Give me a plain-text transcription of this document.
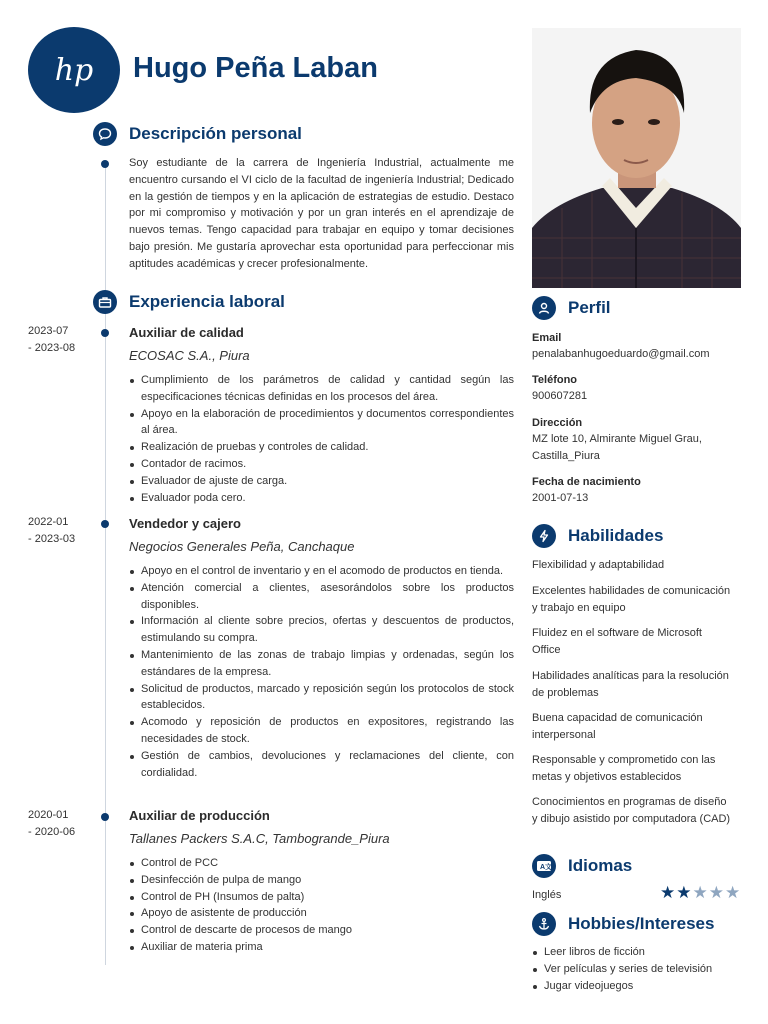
hp Hugo Peña Laban
Descripción personal
Soy estudiante de la carrera de Ingeniería Industrial, actualmente me encuentro cursando el VI ciclo de la facultad de ingeniería Industrial; Dedicado en la gestión de tiempos y en la aplicación de estrategias de estudio. Destaco por mi compromiso y motivación y por un gran interés en el aprendizaje de nuevos temas. Tengo capacidad para trabajar en equipo y tomar decisiones bajo presión. Me gustaría aprovechar esta oportunidad para perfeccionar mis aptitudes académicas y crecer profesionalmente.
Experiencia laboral
2023-07
- 2023-08
Auxiliar de calidad
ECOSAC S.A., Piura
Cumplimiento de los parámetros de calidad y cantidad según las especificaciones técnicas definidas en los procesos del área.
Apoyo en la elaboración de procedimientos y documentos correspondientes al área.
Realización de pruebas y controles de calidad.
Contador de racimos.
Evaluador de ajuste de carga.
Evaluador poda cero.
2022-01
- 2023-03
Vendedor y cajero
Negocios Generales Peña, Canchaque
Apoyo en el control de inventario y en el acomodo de productos en tienda.
Atención comercial a clientes, asesorándolos sobre los productos disponibles.
Información al cliente sobre precios, ofertas y descuentos de productos, estimulando su compra.
Mantenimiento de las zonas de trabajo limpias y ordenadas, según los estándares de la empresa.
Solicitud de productos, marcado y reposición según los protocolos de stock establecidos.
Acomodo y reposición de productos en expositores, registrando las necesidades de stock.
Gestión de cambios, devoluciones y reclamaciones del cliente, con cordialidad.
2020-01
- 2020-06
Auxiliar de producción
Tallanes Packers S.A.C, Tambogrande_Piura
Control de PCC
Desinfección de pulpa de mango
Control de PH (Insumos de palta)
Apoyo de asistente de producción
Control de descarte de procesos de mango
Auxiliar de materia prima
Perfil
Email
penalabanhugoeduardo@gmail.com
Teléfono
900607281
Dirección
MZ lote 10, Almirante Miguel Grau, Castilla_Piura
Fecha de nacimiento
2001-07-13
Habilidades
Flexibilidad y adaptabilidad
Excelentes habilidades de comunicación y trabajo en equipo
Fluidez en el software de Microsoft Office
Habilidades analíticas para la resolución de problemas
Buena capacidad de comunicación interpersonal
Responsable y comprometido con las metas y objetivos establecidos
Conocimientos en programas de diseño y dibujo asistido por computadora (CAD)
A 文 Idiomas
Inglés	★ ★ ★ ★ ★
Hobbies/Intereses
Leer libros de ficción
Ver películas y series de televisión
Jugar videojuegos
